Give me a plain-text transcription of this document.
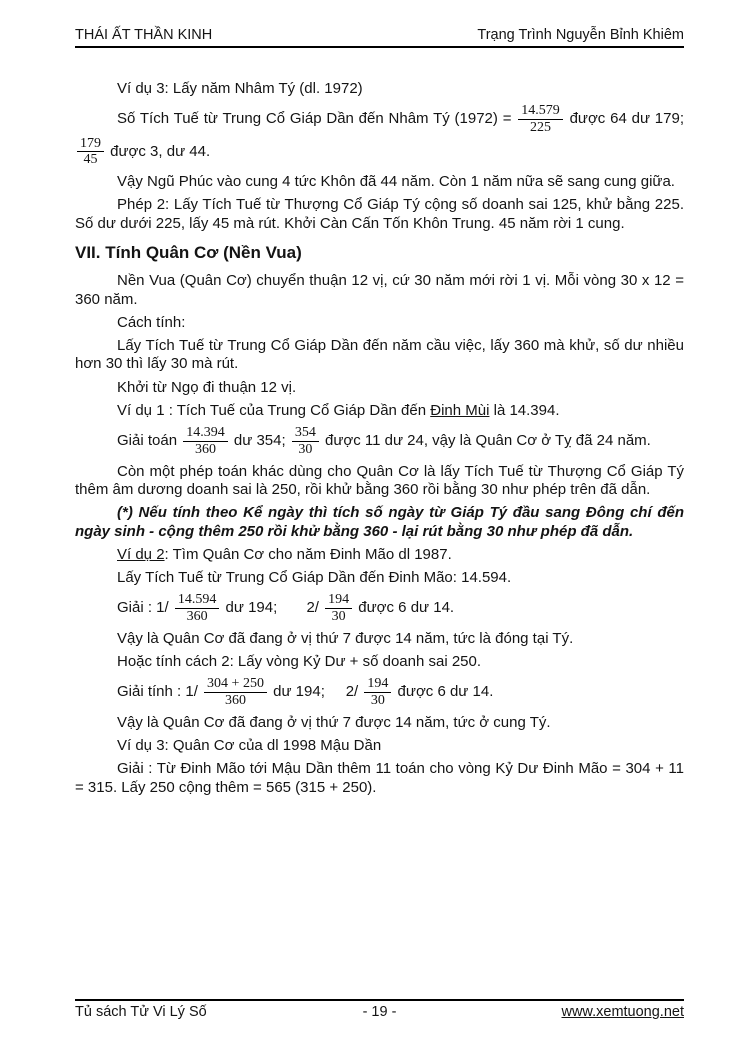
THÁI ẤT THẦN KINH	Trạng Trình Nguyễn Bỉnh Khiêm

Ví dụ 3: Lấy năm Nhâm Tý (dl. 1972)

Số Tích Tuế từ Trung Cổ Giáp Dần đến Nhâm Tý $(1972) = \frac{14.579}{225}$ được 64 dư 179;
$\frac{179}{45}$ được 3, dư 44.

Vậy Ngũ Phúc vào cung 4 tức Khôn đã 44 năm. Còn 1 năm nữa sẽ sang cung giữa.

Phép 2: Lấy Tích Tuế từ Thượng Cổ Giáp Tý cộng số doanh sai 125, khử bằng 225. Số dư dưới 225, lấy 45 mà rút. Khởi Càn Cấn Tốn Khôn Trung. 45 năm rời 1 cung.

VII. Tính Quân Cơ (Nền Vua)

Nền Vua (Quân Cơ) chuyển thuận 12 vị, cứ 30 năm mới rời 1 vị. Mỗi vòng 30 x 12 = 360 năm.

Cách tính:

Lấy Tích Tuế từ Trung Cổ Giáp Dần đến năm cầu việc, lấy 360 mà khử, số dư nhiều hơn 30 thì lấy 30 mà rút.

Khởi từ Ngọ đi thuận 12 vị.

Ví dụ 1 : Tích Tuế của Trung Cổ Giáp Dần đến Đinh Mùi là 14.394.

Giải toán $\frac{14.394}{360}$ dư 354; $\frac{354}{30}$ được 11 dư 24, vậy là Quân Cơ ở Tỵ đã 24 năm.

Còn một phép toán khác dùng cho Quân Cơ là lấy Tích Tuế từ Thượng Cổ Giáp Tý thêm âm dương doanh sai là 250, rồi khử bằng 360 rồi bằng 30 như phép trên đã dẫn.

(*) Nếu tính theo Kể ngày thì tích số ngày từ Giáp Tý đầu sang Đông chí đến ngày sinh - cộng thêm 250 rồi khử bằng 360 - lại rút bằng 30 như phép đã dẫn.

Ví dụ 2: Tìm Quân Cơ cho năm Đinh Mão dl 1987.

Lấy Tích Tuế từ Trung Cổ Giáp Dần đến Đinh Mão: 14.594.

Giải : $1/ \frac{14.594}{360}$ dư 194;       $2/ \frac{194}{30}$ được 6 dư 14.

Vậy là Quân Cơ đã đang ở vị thứ 7 được 14 năm, tức là đóng tại Tý.

Hoặc tính cách 2: Lấy vòng Kỷ Dư + số doanh sai 250.

Giải tính : $1/ \frac{304 + 250}{360}$ dư 194;     $2/ \frac{194}{30}$ được 6 dư 14.

Vậy là Quân Cơ đã đang ở vị thứ 7 được 14 năm, tức ở cung Tý.

Ví dụ 3: Quân Cơ của dl 1998 Mậu Dần

Giải : Từ Đinh Mão tới Mậu Dần thêm 11 toán cho vòng Kỷ Dư Đinh Mão = 304 + 11 = 315. Lấy 250 cộng thêm = 565 (315 + 250).

Tủ sách Tử Vi Lý Số	- 19 -	www.xemtuong.net
